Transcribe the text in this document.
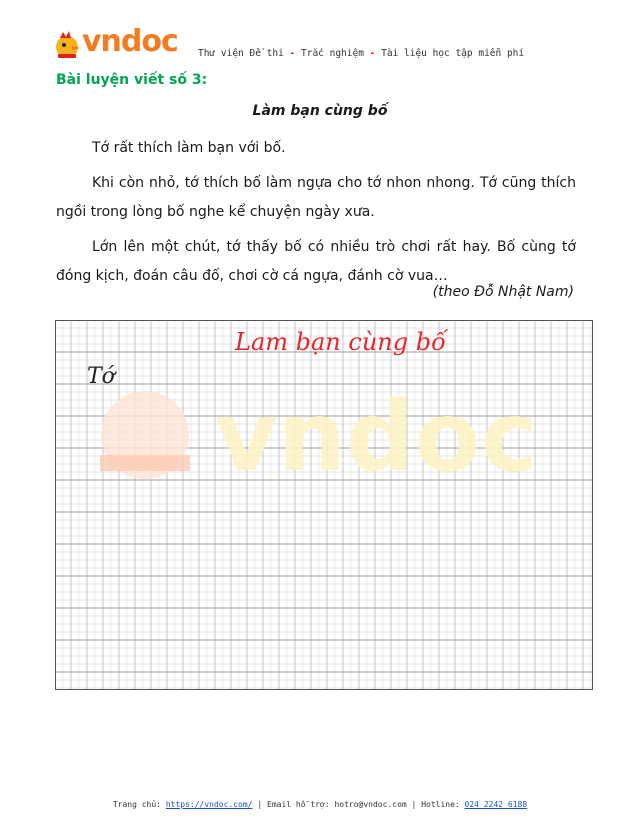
vndoc Thư viện Đề thi - Trắc nghiệm - Tài liệu học tập miễn phí
Bài luyện viết số 3:
Làm bạn cùng bố

Tớ rất thích làm bạn với bố.

Khi còn nhỏ, tớ thích bố làm ngựa cho tớ nhon nhong. Tớ cũng thích ngồi trong lòng bố nghe kể chuyện ngày xưa.

Lớn lên một chút, tớ thấy bố có nhiều trò chơi rất hay. Bố cùng tớ đóng kịch, đoán câu đố, chơi cờ cá ngựa, đánh cờ vua…

(theo Đỗ Nhật Nam)
vndoc
Lam bạn cùng bố
Tớ
Trang chủ: https://vndoc.com/ | Email hỗ trợ: hotro@vndoc.com | Hotline: 024 2242 6188
